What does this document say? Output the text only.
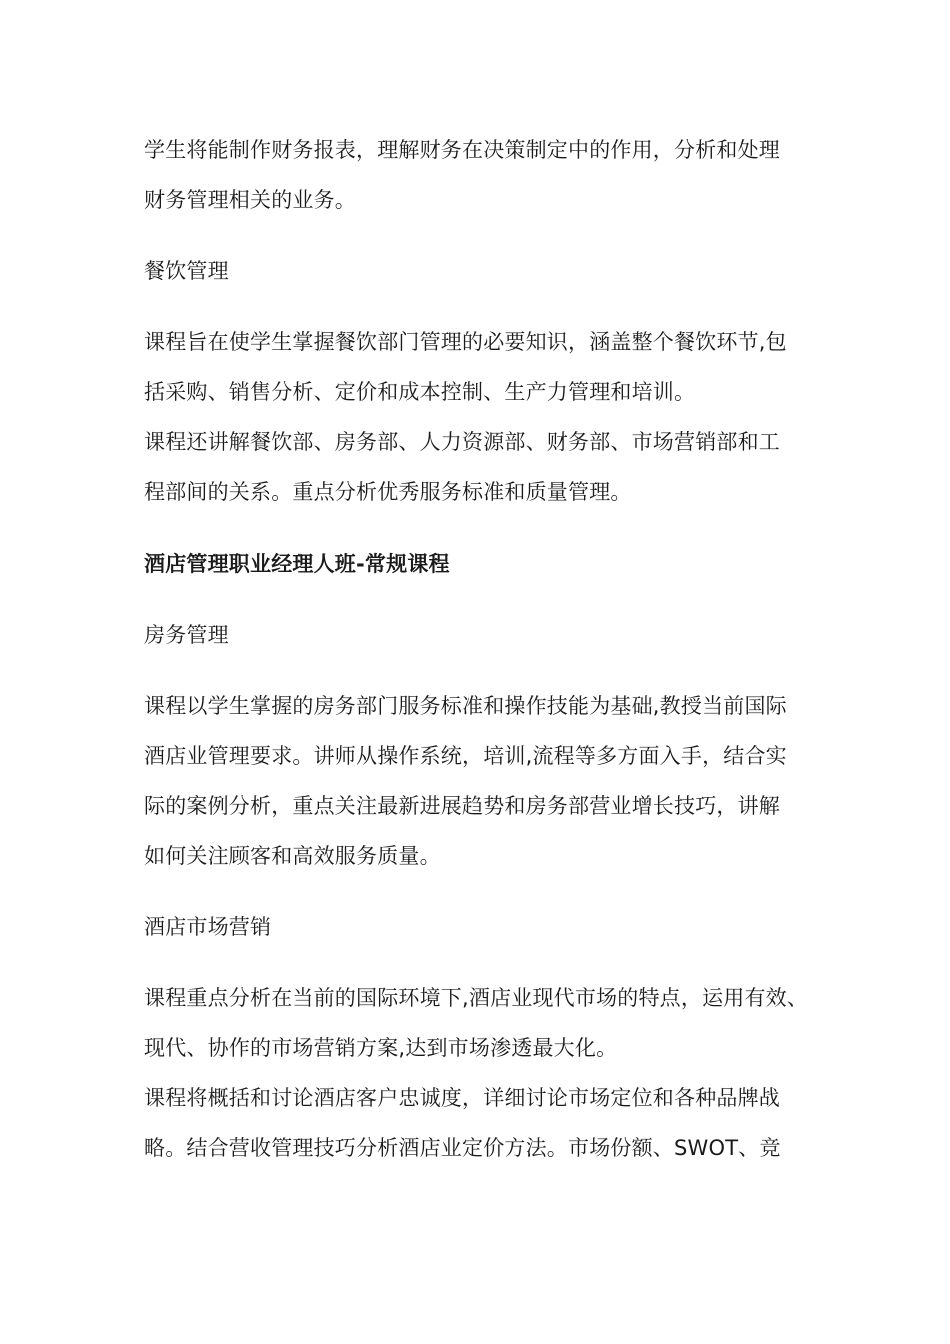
学生将能制作财务报表，理解财务在决策制定中的作用，分析和处理
财务管理相关的业务。
餐饮管理
课程旨在使学生掌握餐饮部门管理的必要知识，涵盖整个餐饮环节,包
括采购、销售分析、定价和成本控制、生产力管理和培训。
课程还讲解餐饮部、房务部、人力资源部、财务部、市场营销部和工
程部间的关系。重点分析优秀服务标准和质量管理。
酒店管理职业经理人班-常规课程
房务管理
课程以学生掌握的房务部门服务标准和操作技能为基础,教授当前国际
酒店业管理要求。讲师从操作系统，培训,流程等多方面入手，结合实
际的案例分析，重点关注最新进展趋势和房务部营业增长技巧，讲解
如何关注顾客和高效服务质量。
酒店市场营销
课程重点分析在当前的国际环境下,酒店业现代市场的特点，运用有效、
现代、协作的市场营销方案,达到市场渗透最大化。
课程将概括和讨论酒店客户忠诚度，详细讨论市场定位和各种品牌战
略。结合营收管理技巧分析酒店业定价方法。市场份额、SWOT、竞
